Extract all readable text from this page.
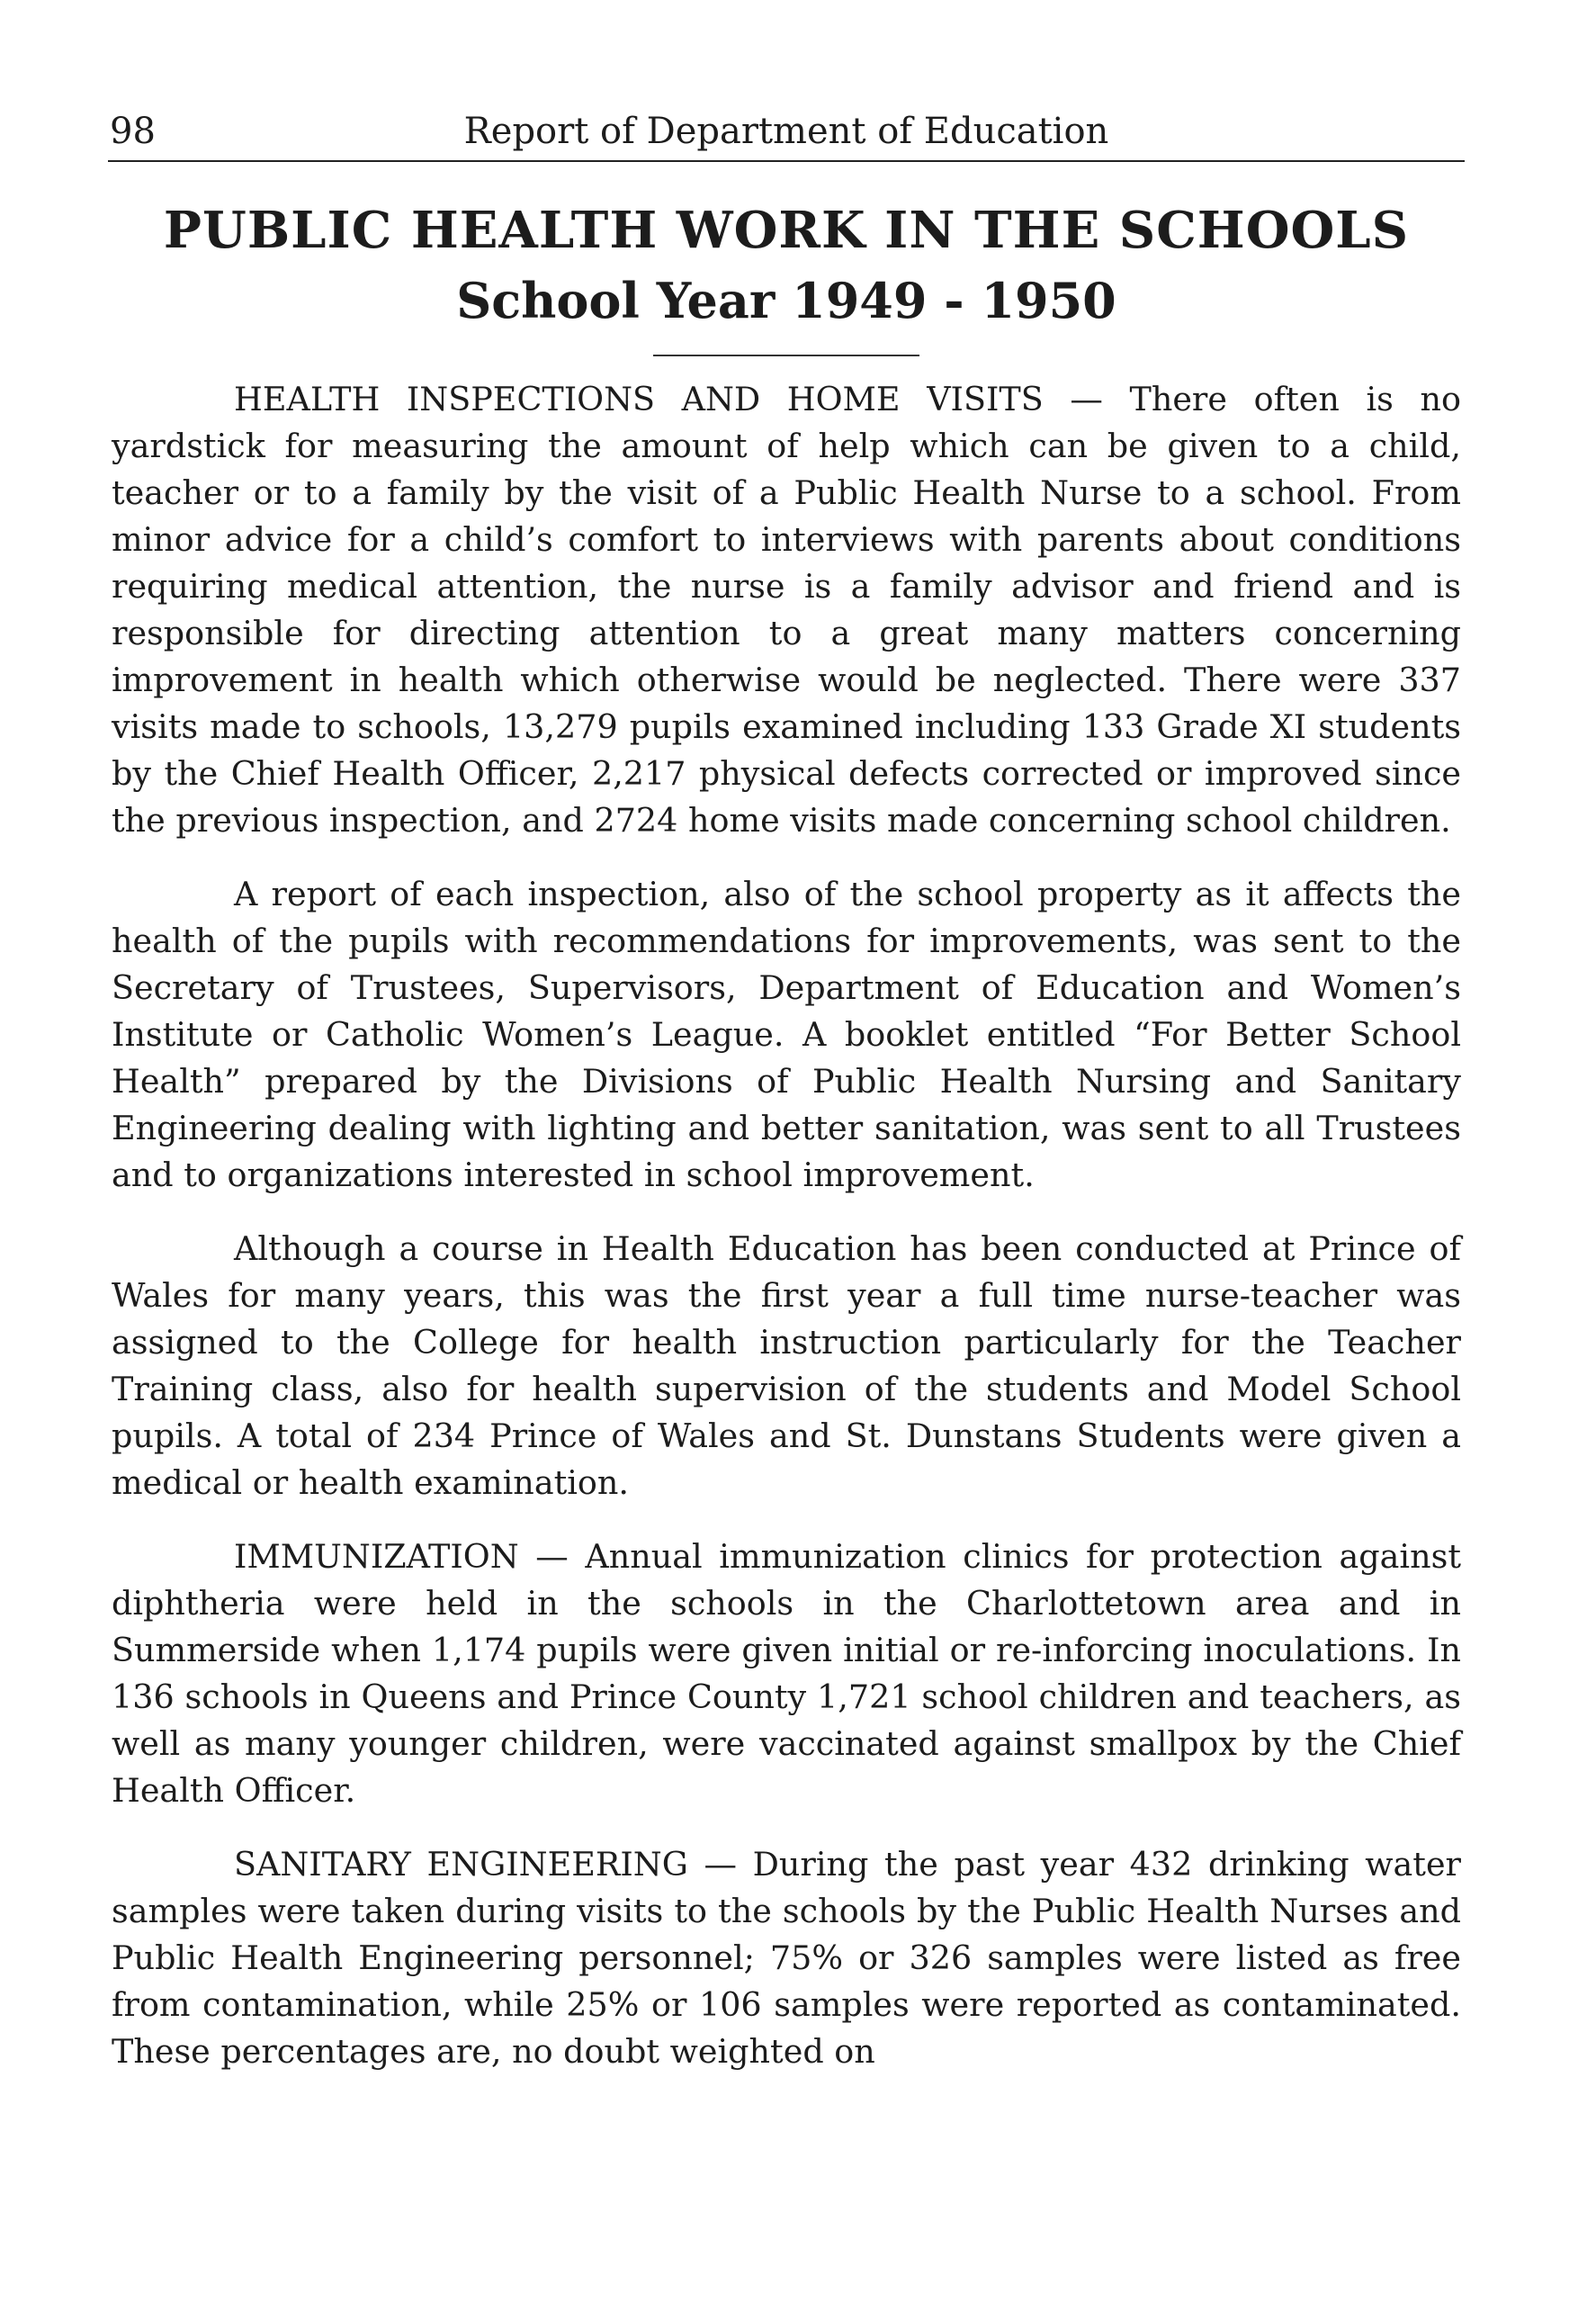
98	Report of Department of Education
PUBLIC HEALTH WORK IN THE SCHOOLS
School Year 1949 - 1950

HEALTH INSPECTIONS AND HOME VISITS — There often is no yardstick for measuring the amount of help which can be given to a child, teacher or to a family by the visit of a Public Health Nurse to a school. From minor advice for a child’s comfort to interviews with parents about conditions requiring medical attention, the nurse is a family advisor and friend and is responsible for directing attention to a great many matters concerning improvement in health which otherwise would be neglected. There were 337 visits made to schools, 13,279 pupils examined including 133 Grade XI students by the Chief Health Officer, 2,217 physical defects corrected or improved since the previous inspection, and 2724 home visits made concerning school children.

A report of each inspection, also of the school property as it affects the health of the pupils with recommendations for improvements, was sent to the Secretary of Trustees, Supervisors, Department of Education and Women’s Institute or Catholic Women’s League. A booklet entitled “For Better School Health” prepared by the Divisions of Public Health Nursing and Sanitary Engineering dealing with lighting and better sanitation, was sent to all Trustees and to organizations interested in school improvement.

Although a course in Health Education has been conducted at Prince of Wales for many years, this was the first year a full time nurse-teacher was assigned to the College for health instruction particularly for the Teacher Training class, also for health supervision of the students and Model School pupils. A total of 234 Prince of Wales and St. Dunstans Students were given a medical or health examination.

IMMUNIZATION — Annual immunization clinics for protection against diphtheria were held in the schools in the Charlottetown area and in Summerside when 1,174 pupils were given initial or re-inforcing inoculations. In 136 schools in Queens and Prince County 1,721 school children and teachers, as well as many younger children, were vaccinated against smallpox by the Chief Health Officer.

SANITARY ENGINEERING — During the past year 432 drinking water samples were taken during visits to the schools by the Public Health Nurses and Public Health Engineering personnel; 75% or 326 samples were listed as free from contamination, while 25% or 106 samples were reported as contaminated. These percentages are, no doubt weighted on
